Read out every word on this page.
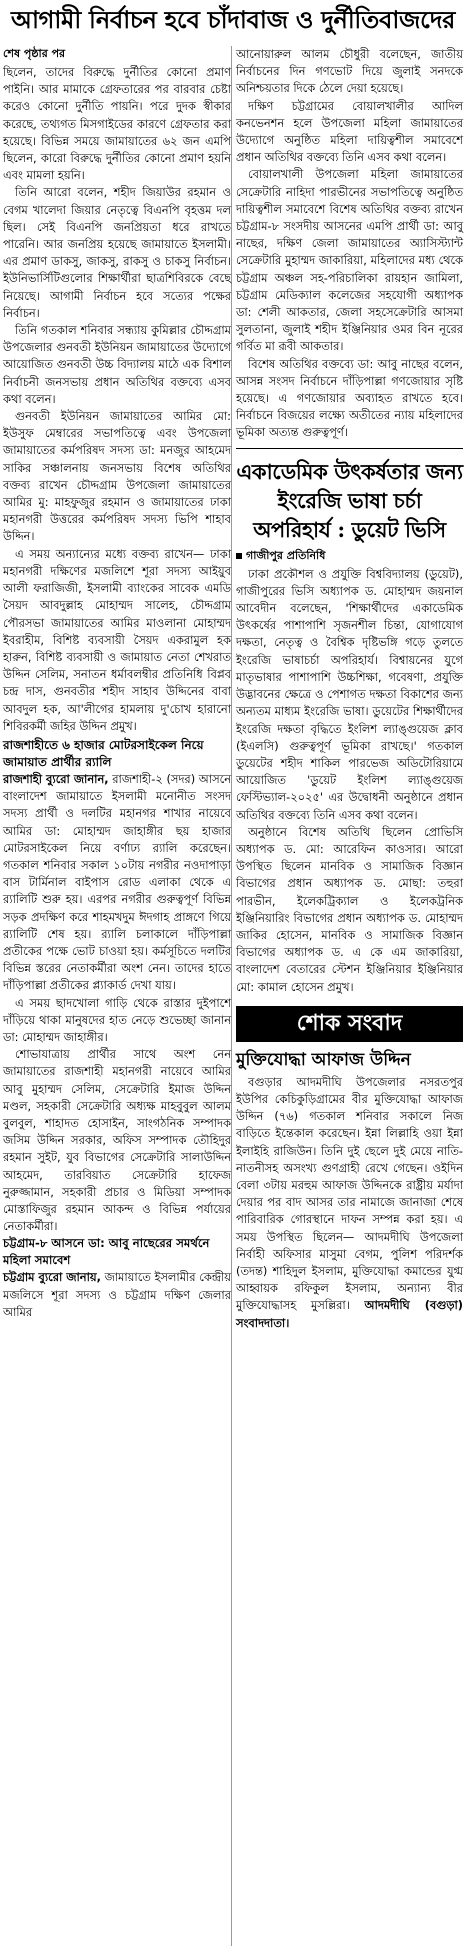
আগামী নির্বাচন হবে চাঁদাবাজ ও দুর্নীতিবাজদের
শেষ পৃষ্ঠার পর

ছিলেন, তাদের বিরুদ্ধে দুর্নীতির কোনো প্রমাণ পাইনি। আর মামাকে গ্রেফতারের পর বারবার চেষ্টা করেও কোনো দুর্নীতি পায়নি। পরে দুদক স্বীকার করেছে, তথ্যগত মিসগাইডের কারণে গ্রেফতার করা হয়েছে। বিভিন্ন সময়ে জামায়াতের ৬২ জন এমপি ছিলেন, কারো বিরুদ্ধে দুর্নীতির কোনো প্রমাণ হয়নি এবং মামলা হয়নি।

তিনি আরো বলেন, শহীদ জিয়াউর রহমান ও বেগম খালেদা জিয়ার নেতৃত্বে বিএনপি বৃহত্তম দল ছিল। সেই বিএনপি জনপ্রিয়তা ধরে রাখতে পারেনি। আর জনপ্রিয় হয়েছে জামায়াতে ইসলামী। এর প্রমাণ ডাকসু, জাকসু, রাকসু ও চাকসু নির্বাচন। ইউনিভার্সিটিগুলোর শিক্ষার্থীরা ছাত্রশিবিরকে বেছে নিয়েছে। আগামী নির্বাচন হবে সত্যের পক্ষের নির্বাচন।

তিনি গতকাল শনিবার সন্ধ্যায় কুমিল্লার চৌদ্দগ্রাম উপজেলার গুনবতী ইউনিয়ন জামায়াতের উদ্যোগে আয়োজিত গুনবতী উচ্চ বিদ্যালয় মাঠে এক বিশাল নির্বাচনী জনসভায় প্রধান অতিথির বক্তব্যে এসব কথা বলেন।

গুনবতী ইউনিয়ন জামায়াতের আমির মো: ইউসুফ মেম্বারের সভাপতিত্বে এবং উপজেলা জামায়াতের কর্মপরিষদ সদস্য ডা: মনজুর আহমেদ সাকির সঞ্চালনায় জনসভায় বিশেষ অতিথির বক্তব্য রাখেন চৌদ্দগ্রাম উপজেলা জামায়াতের আমির মু: মাহফুজুর রহমান ও জামায়াতের ঢাকা মহানগরী উত্তরের কর্মপরিষদ সদস্য ভিপি শাহাব উদ্দিন।

এ সময় অন্যান্যের মধ্যে বক্তব্য রাখেন— ঢাকা মহানগরী দক্ষিণের মজলিশে শূরা সদস্য আইয়ুব আলী ফরাজিজী, ইসলামী ব্যাংকের সাবেক এমডি সৈয়দ আবদুল্লাহ মোহাম্মদ সালেহ, চৌদ্দগ্রাম পৌরসভা জামায়াতের আমির মাওলানা মোহাম্মদ ইবরাহীম, বিশিষ্ট ব্যবসায়ী সৈয়দ একরামুল হক হারুন, বিশিষ্ট ব্যবসায়ী ও জামায়াত নেতা শেখরাত উদ্দিন সেলিম, সনাতন ধর্মাবলম্বীর প্রতিনিধি বিপ্লব চন্দ্র দাস, গুনবতীর শহীদ সাহাব উদ্দিনের বাবা আবদুল হক, আ'লীগের হামলায় দু'চোখ হারানো শিবিরকর্মী জহির উদ্দিন প্রমুখ।

রাজশাহীতে ৬ হাজার মোটরসাইকেল নিয়ে জামায়াত প্রার্থীর র‌্যালি

রাজশাহী ব্যুরো জানান, রাজশাহী-২ (সদর) আসনে বাংলাদেশ জামায়াতে ইসলামী মনোনীত সংসদ সদস্য প্রার্থী ও দলটির মহানগর শাখার নায়েবে আমির ডা: মোহাম্মদ জাহাঙ্গীর ছয় হাজার মোটরসাইকেল নিয়ে বর্ণাঢ্য র‌্যালি করেছেন। গতকাল শনিবার সকাল ১০টায় নগরীর নওদাপাড়া বাস টার্মিনাল বাইপাস রোড এলাকা থেকে এ র‌্যালিটি শুরু হয়। এরপর নগরীর গুরুত্বপূর্ণ বিভিন্ন সড়ক প্রদক্ষিণ করে শাহমখদুম ঈদগাহ প্রাঙ্গণে গিয়ে র‌্যালিটি শেষ হয়। র‌্যালি চলাকালে দাঁড়িপাল্লা প্রতীকের পক্ষে ভোট চাওয়া হয়। কর্মসূচিতে দলটির বিভিন্ন স্তরের নেতাকর্মীরা অংশ নেন। তাদের হাতে দাঁড়িপাল্লা প্রতীকের প্ল্যাকার্ড দেখা যায়।

এ সময় ছাদখোলা গাড়ি থেকে রাস্তার দুইপাশে দাঁড়িয়ে থাকা মানুষদের হাত নেড়ে শুভেচ্ছা জানান ডা: মোহাম্মদ জাহাঙ্গীর।

শোভাযাত্রায় প্রার্থীর সাথে অংশ নেন জামায়াতের রাজশাহী মহানগরী নায়েবে আমির আবু মুহাম্মদ সেলিম, সেক্রেটারি ইমাজ উদ্দিন মণ্ডল, সহকারী সেক্রেটারি অধ্যক্ষ মাহবুবুল আলম বুলবুল, শাহাদত হোসাইন, সাংগঠনিক সম্পাদক জসিম উদ্দিন সরকার, অফিস সম্পাদক তৌহিদুর রহমান সুইট, যুব বিভাগের সেক্রেটারি সালাউদ্দিন আহমেদ, তারবিয়াত সেক্রেটারি হাফেজ নুরুজ্জামান, সহকারী প্রচার ও মিডিয়া সম্পাদক মোস্তাফিজুর রহমান আকন্দ ও বিভিন্ন পর্যায়ের নেতাকর্মীরা।

চট্টগ্রাম-৮ আসনে ডা: আবু নাছেরের সমর্থনে মহিলা সমাবেশ

চট্টগ্রাম ব্যুরো জানায়, জামায়াতে ইসলামীর কেন্দ্রীয় মজলিসে শূরা সদস্য ও চট্টগ্রাম দক্ষিণ জেলার আমির

আনোয়ারুল আলম চৌধুরী বলেছেন, জাতীয় নির্বাচনের দিন গণভোট দিয়ে জুলাই সনদকে অনিশ্চয়তার দিকে ঠেলে দেয়া হয়েছে।

দক্ষিণ চট্টগ্রামের বোয়ালখালীর আদিল কনভেনশন হলে উপজেলা মহিলা জামায়াতের উদ্যোগে অনুষ্ঠিত মহিলা দায়িত্বশীল সমাবেশে প্রধান অতিথির বক্তব্যে তিনি এসব কথা বলেন।

বোয়ালখালী উপজেলা মহিলা জামায়াতের সেক্রেটারি নাহিদা পারভীনের সভাপতিত্বে অনুষ্ঠিত দায়িত্বশীল সমাবেশে বিশেষ অতিথির বক্তব্য রাখেন চট্টগ্রাম-৮ সংসদীয় আসনের এমপি প্রার্থী ডা: আবু নাছের, দক্ষিণ জেলা জামায়াতের অ্যাসিস্ট্যান্ট সেক্রেটারি মুহাম্মদ জাকারিয়া, মহিলাদের মধ্য থেকে চট্টগ্রাম অঞ্চল সহ-পরিচালিকা রায়হান জামিলা, চট্টগ্রাম মেডিক্যাল কলেজের সহযোগী অধ্যাপক ডা: শেলী আকতার, জেলা সহসেক্রেটারি আসমা সুলতানা, জুলাই শহীদ ইঞ্জিনিয়ার ওমর বিন নূরের গর্বিত মা রূবী আকতার।

বিশেষ অতিথির বক্তব্যে ডা: আবু নাছের বলেন, আসন্ন সংসদ নির্বাচনে দাঁড়িপাল্লা গণজোয়ার সৃষ্টি হয়েছে। এ গণজোয়ার অব্যাহত রাখতে হবে। নির্বাচনে বিজয়ের লক্ষ্যে অতীতের ন্যায় মহিলাদের ভূমিকা অত্যন্ত গুরুত্বপূর্ণ।

একাডেমিক উৎকর্ষতার জন্য ইংরেজি ভাষা চর্চা অপরিহার্য : ডুয়েট ভিসি
গাজীপুর প্রতিনিধি

ঢাকা প্রকৌশল ও প্রযুক্তি বিশ্ববিদ্যালয় (ডুয়েট), গাজীপুরের ভিসি অধ্যাপক ড. মোহাম্মদ জয়নাল আবেদীন বলেছেন, 'শিক্ষার্থীদের একাডেমিক উৎকর্ষের পাশাপাশি সৃজনশীল চিন্তা, যোগাযোগ দক্ষতা, নেতৃত্ব ও বৈশ্বিক দৃষ্টিভঙ্গি গড়ে তুলতে ইংরেজি ভাষাচর্চা অপরিহার্য। বিশ্বায়নের যুগে মাতৃভাষার পাশাপাশি উচ্চশিক্ষা, গবেষণা, প্রযুক্তি উদ্ভাবনের ক্ষেত্রে ও পেশাগত দক্ষতা বিকাশের জন্য অন্যতম মাধ্যম ইংরেজি ভাষা। ডুয়েটের শিক্ষার্থীদের ইংরেজি দক্ষতা বৃদ্ধিতে ইংলিশ ল্যাঙ্গুয়েজ ক্লাব (ইএলসি) গুরুত্বপূর্ণ ভূমিকা রাখছে।' গতকাল ডুয়েটের শহীদ শাকিল পারভেজ অডিটোরিয়ামে আয়োজিত 'ডুয়েট ইংলিশ ল্যাঙ্গুয়েজ ফেস্টিভ্যাল-২০২৫' এর উদ্বোধনী অনুষ্ঠানে প্রধান অতিথির বক্তব্যে তিনি এসব কথা বলেন।

অনুষ্ঠানে বিশেষ অতিথি ছিলেন প্রোভিসি অধ্যাপক ড. মো: আরেফিন কাওসার। আরো উপস্থিত ছিলেন মানবিক ও সামাজিক বিজ্ঞান বিভাগের প্রধান অধ্যাপক ড. মোছা: তহুরা পারভীন, ইলেকট্রিক্যাল ও ইলেকট্রনিক ইঞ্জিনিয়ারিং বিভাগের প্রধান অধ্যাপক ড. মোহাম্মদ জাকির হোসেন, মানবিক ও সামাজিক বিজ্ঞান বিভাগের অধ্যাপক ড. এ কে এম জাকারিয়া, বাংলাদেশ বেতারের স্টেশন ইঞ্জিনিয়ার ইঞ্জিনিয়ার মো: কামাল হোসেন প্রমুখ।

শোক সংবাদ
মুক্তিযোদ্ধা আফাজ উদ্দিন

বগুড়ার আদমদীঘি উপজেলার নসরতপুর ইউপির কেচিকুড়িগ্রামের বীর মুক্তিযোদ্ধা আফাজ উদ্দিন (৭৬) গতকাল শনিবার সকালে নিজ বাড়িতে ইন্তেকাল করেছেন। ইন্না লিল্লাহি ওয়া ইন্না ইলাইহি রাজিউন। তিনি দুই ছেলে দুই মেয়ে নাতি-নাতনীসহ অসংখ্য গুণগ্রাহী রেখে গেছেন। ওইদিন বেলা ৩টায় মরহুম আফাজ উদ্দিনকে রাষ্ট্রীয় মর্যাদা দেয়ার পর বাদ আসর তার নামাজে জানাজা শেষে পারিবারিক গোরস্থানে দাফন সম্পন্ন করা হয়। এ সময় উপস্থিত ছিলেন— আদমদীঘি উপজেলা নির্বাহী অফিসার মাসুমা বেগম, পুলিশ পরিদর্শক (তদন্ত) শাহিদুল ইসলাম, মুক্তিযোদ্ধা কমান্ডের যুগ্ম আহ্বায়ক রফিকুল ইসলাম, অন্যান্য বীর মুক্তিযোদ্ধাসহ মুসল্লিরা। আদমদীঘি (বগুড়া) সংবাদদাতা।
